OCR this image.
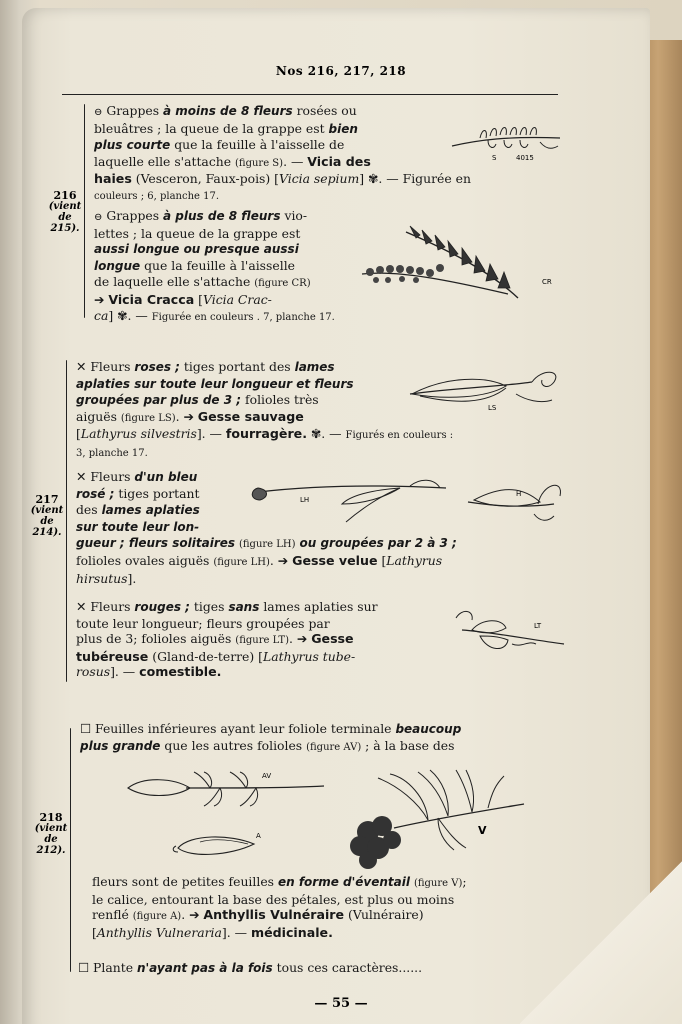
Nos 216, 217, 218
216
(vient
de
215).
⊖ Grappes à moins de 8 fleurs rosées ou
bleuâtres ; la queue de la grappe est bien
plus courte que la feuille à l'aisselle de
laquelle elle s'attache (figure S). — Vicia des
haies (Vesceron, Faux-pois) [Vicia sepium] ✾. — Figurée en
couleurs ; 6, planche 17.
⊖ Grappes à plus de 8 fleurs vio-
lettes ; la queue de la grappe est
aussi longue ou presque aussi
longue que la feuille à l'aisselle
de laquelle elle s'attache (figure CR)
➔ Vicia Cracca [Vicia Crac-
ca] ✾. — Figurée en couleurs . 7, planche 17.
S	4015
CR
217
(vient
de
214).
✕ Fleurs roses ; tiges portant des lames
aplaties sur toute leur longueur et fleurs
groupées par plus de 3 ; folioles très
aiguës (figure LS). ➔ Gesse sauvage
[Lathyrus silvestris]. — fourragère. ✾. — Figurés en couleurs :
3, planche 17.
✕ Fleurs d'un bleu
rosé ; tiges portant
des lames aplaties
sur toute leur lon-
gueur ; fleurs solitaires (figure LH) ou groupées par 2 à 3 ;
folioles ovales aiguës (figure LH). ➔ Gesse velue [Lathyrus
hirsutus].
✕ Fleurs rouges ; tiges sans lames aplaties sur
toute leur longueur; fleurs groupées par
plus de 3; folioles aiguës (figure LT). ➔ Gesse
tubéreuse (Gland-de-terre) [Lathyrus tube-
rosus]. — comestible.
LS
LH
H
LT
218
(vient
de
212).
☐ Feuilles inférieures ayant leur foliole terminale beaucoup
plus grande que les autres folioles (figure AV) ; à la base des
fleurs sont de petites feuilles en forme d'éventail (figure V);
le calice, entourant la base des pétales, est plus ou moins
renflé (figure A). ➔ Anthyllis Vulnéraire (Vulnéraire)
[Anthyllis Vulneraria]. — médicinale.
☐ Plante n'ayant pas à la fois tous ces caractères......
AV
A	V
— 55 —
